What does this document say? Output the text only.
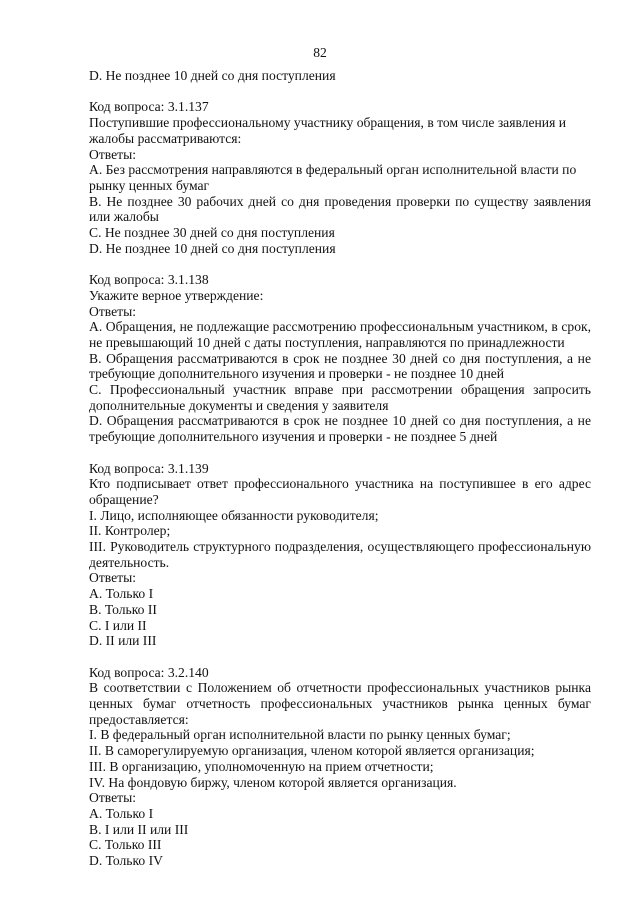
82

D. Не позднее 10 дней со дня поступления

Код вопроса: 3.1.137

Поступившие профессиональному участнику обращения, в том числе заявления и жалобы рассматриваются:

Ответы:

A. Без рассмотрения направляются в федеральный орган исполнительной власти по рынку ценных бумаг

B. Не позднее 30 рабочих дней со дня проведения проверки по существу заявления или жалобы

C. Не позднее 30 дней со дня поступления

D. Не позднее 10 дней со дня поступления

Код вопроса: 3.1.138

Укажите верное утверждение:

Ответы:

A. Обращения, не подлежащие рассмотрению профессиональным участником, в срок, не превышающий 10 дней с даты поступления, направляются по принадлежности

B. Обращения рассматриваются в срок не позднее 30 дней со дня поступления, а не требующие дополнительного изучения и проверки - не позднее 10 дней

C. Профессиональный участник вправе при рассмотрении обращения запросить дополнительные документы и сведения у заявителя

D. Обращения рассматриваются в срок не позднее 10 дней со дня поступления, а не требующие дополнительного изучения и проверки - не позднее 5 дней

Код вопроса: 3.1.139

Кто подписывает ответ профессионального участника на поступившее в его адрес обращение?

I. Лицо, исполняющее обязанности руководителя;

II. Контролер;

III. Руководитель структурного подразделения, осуществляющего профессиональную деятельность.

Ответы:

A. Только I

B. Только II

C. I или II

D. II или III

Код вопроса: 3.2.140

В соответствии с Положением об отчетности профессиональных участников рынка ценных бумаг отчетность профессиональных участников рынка ценных бумаг предоставляется:

I. В федеральный орган исполнительной власти по рынку ценных бумаг;

II. В саморегулируемую организация, членом которой является организация;

III. В организацию, уполномоченную на прием отчетности;

IV. На фондовую биржу, членом которой является организация.

Ответы:

A. Только I

B. I или II или III

C. Только III

D. Только IV
